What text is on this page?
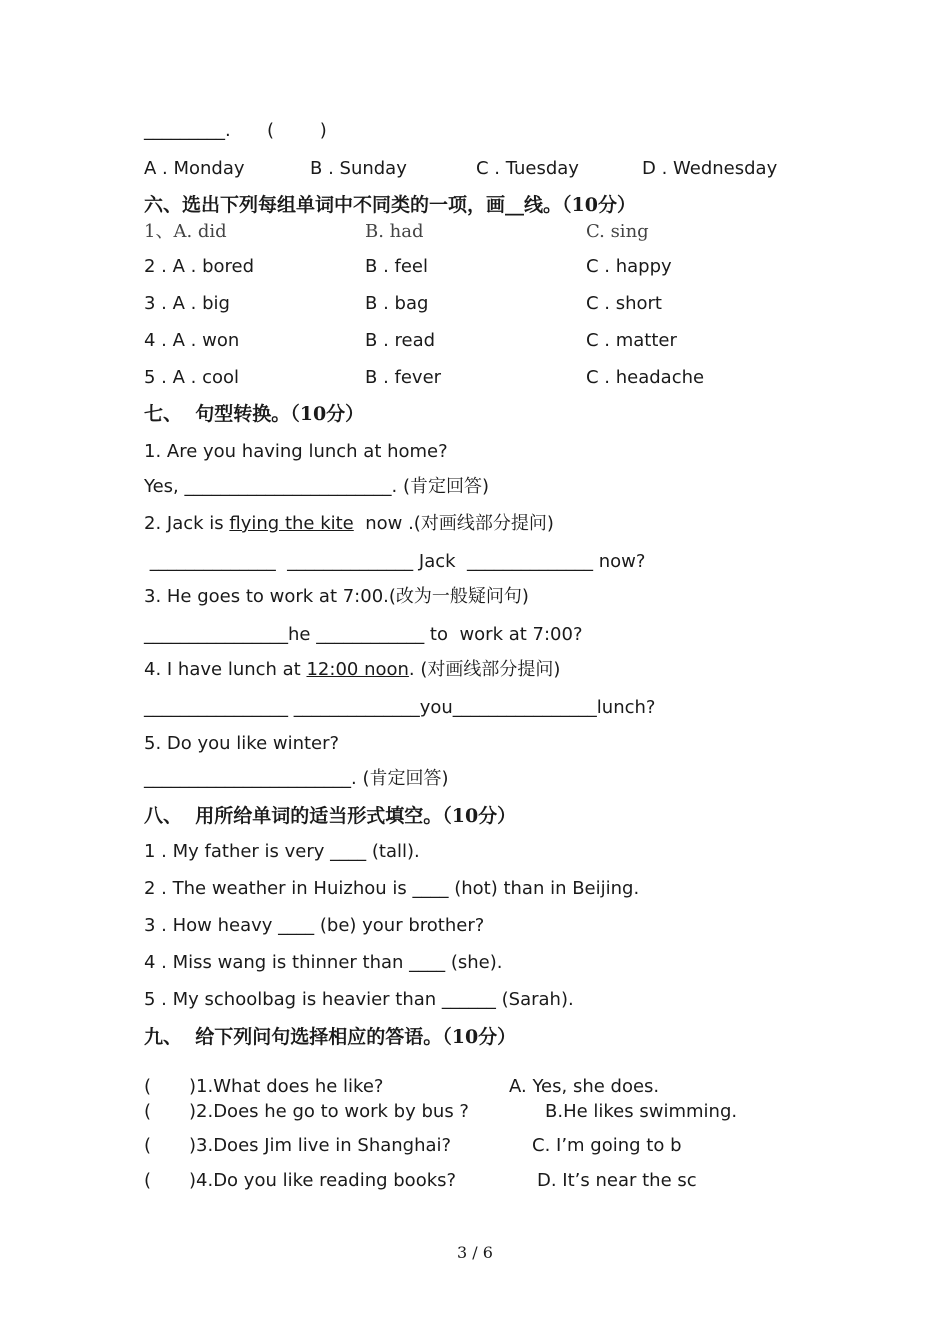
_________. (        )
A . Monday	B . Sunday	C . Tuesday	D . Wednesday
六、选出下列每组单词中不同类的一项，画__线。（10分）
1、A. did	B. had	C. sing
2 . A . bored	B . feel	C . happy
3 . A . big	B . bag	C . short
4 . A . won	B . read	C . matter
5 . A . cool	B . fever	C . headache
七、  句型转换。（10分）
1. Are you having lunch at home?
Yes, _______________________. (肯定回答)
2. Jack is flying the kite  now .(对画线部分提问)
______________  ______________ Jack  ______________ now?
3. He goes to work at 7:00.(改为一般疑问句)
________________he ____________ to  work at 7:00?
4. I have lunch at 12:00 noon. (对画线部分提问)
________________ ______________you________________lunch?
5. Do you like winter?
_______________________. (肯定回答)
八、  用所给单词的适当形式填空。（10分）
1 . My father is very ____ (tall).
2 . The weather in Huizhou is ____ (hot) than in Beijing.
3 . How heavy ____ (be) your brother?
4 . Miss wang is thinner than ____ (she).
5 . My schoolbag is heavier than ______ (Sarah).
九、  给下列问句选择相应的答语。（10分）
( )1.What does he like?	A. Yes, she does.
( )2.Does he go to work by bus ?	B.He likes swimming.
( )3.Does Jim live in Shanghai?	C. I’m going to b
( )4.Do you like reading books?	D. It’s near the sc
3 / 6
